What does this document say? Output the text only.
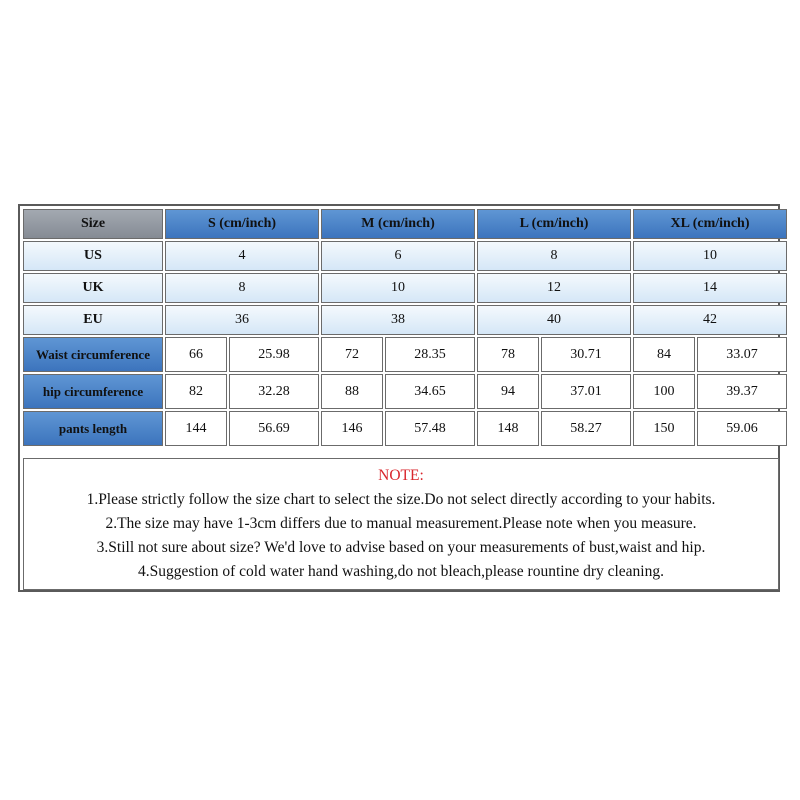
Size	S (cm/inch)		M (cm/inch)		L (cm/inch)		XL (cm/inch)	
US	4		6		8		10	
UK	8		10		12		14	
EU	36		38		40		42	
Waist circumference	66	25.98	72	28.35	78	30.71	84	33.07
hip circumference	82	32.28	88	34.65	94	37.01	100	39.37
pants length	144	56.69	146	57.48	148	58.27	150	59.06
NOTE:
1.Please strictly follow the size chart to select the size.Do not select directly according to your habits.
2.The size may have 1-3cm differs due to manual measurement.Please note when you measure.
3.Still not sure about size? We'd love to advise based on your measurements of bust,waist and hip.
4.Suggestion of cold water hand washing,do not bleach,please rountine dry cleaning.
